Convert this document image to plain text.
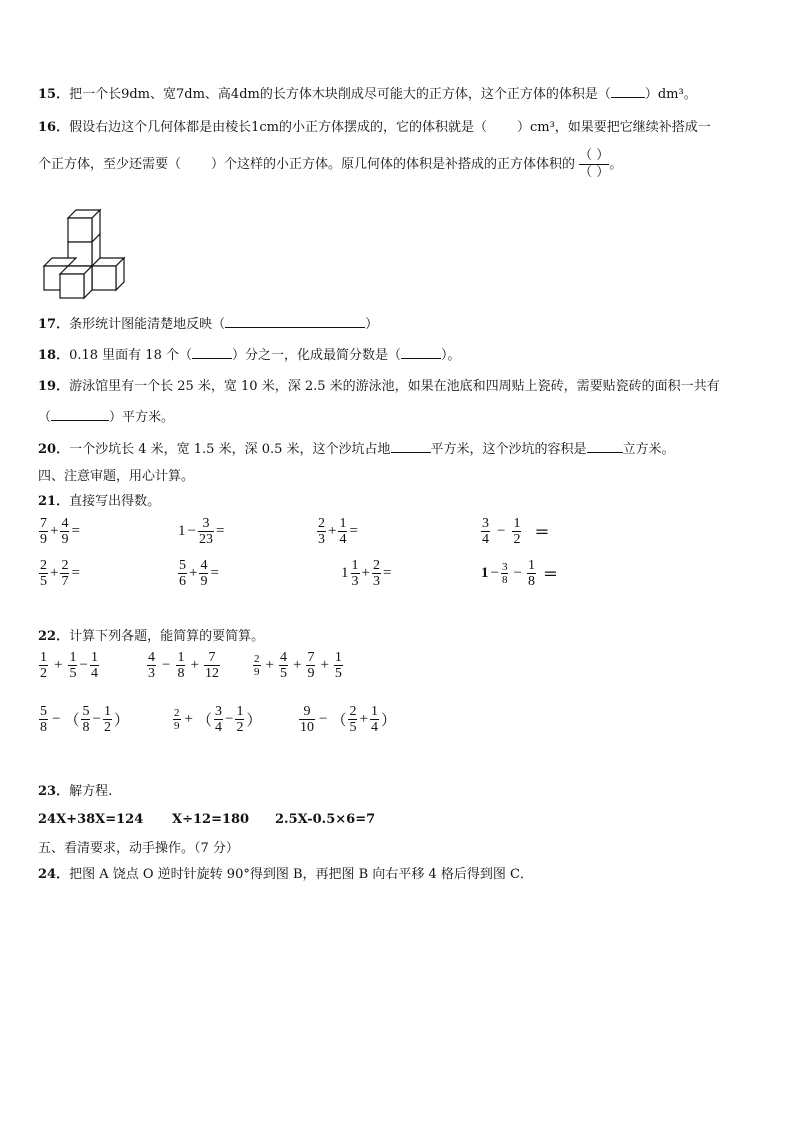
15．把一个长9dm、宽7dm、高4dm的长方体木块削成尽可能大的正方体，这个正方体的体积是（	）dm³。
16．假设右边这个几何体都是由棱长1cm的小正方体摆成的，它的体积就是（ ）cm³，如果要把它继续补搭成一
个正方体，至少还需要（ ）个这样的小正方体。原几何体的体积是补搭成的正方体体积的 $\frac{( )}{( )}$ 。
17．条形统计图能清楚地反映（	）
18．0.18 里面有 18 个（	）分之一，化成最简分数是（	）。
19．游泳馆里有一个长 25 米，宽 10 米，深 2.5 米的游泳池，如果在池底和四周贴上瓷砖，需要贴瓷砖的面积一共有
（	）平方米。
20．一个沙坑长 4 米，宽 1.5 米，深 0.5 米，这个沙坑占地	平方米，这个沙坑的容积是	立方米。
四、注意审题，用心计算。
21．直接写出得数。
$\frac{7}{9} + \frac{4}{9}$ =	$1 - \frac{3}{23}$ =	$\frac{2}{3} + \frac{1}{4}$ =	$\frac{3}{4} - \frac{1}{2}$ ＝
$\frac{2}{5} + \frac{2}{7}$ =	$\frac{5}{6} + \frac{4}{9}$ =	$1 \frac{1}{3} + \frac{2}{3}$ =	$1 - \frac{3}{8} - \frac{1}{8}$ ＝
22．计算下列各题，能简算的要简算。
$\frac{1}{2} + \frac{1}{5} - \frac{1}{4}$	$\frac{4}{3} - \frac{1}{8} + \frac{7}{12}$	$\frac{2}{9} + \frac{4}{5} + \frac{7}{9} + \frac{1}{5}$
$\frac{5}{8}$ − （ $\frac{5}{8} - \frac{1}{2}$ ）	$\frac{2}{9}$ + （ $\frac{3}{4} - \frac{1}{2}$ ）	$\frac{9}{10}$ − （ $\frac{2}{5} + \frac{1}{4}$ ）
23．解方程.
24X+38X=124 X÷12=180 2.5X-0.5×6=7
五、看清要求，动手操作。（7 分）
24．把图 A 饶点 O 逆时针旋转 90°得到图 B，再把图 B 向右平移 4 格后得到图 C．
